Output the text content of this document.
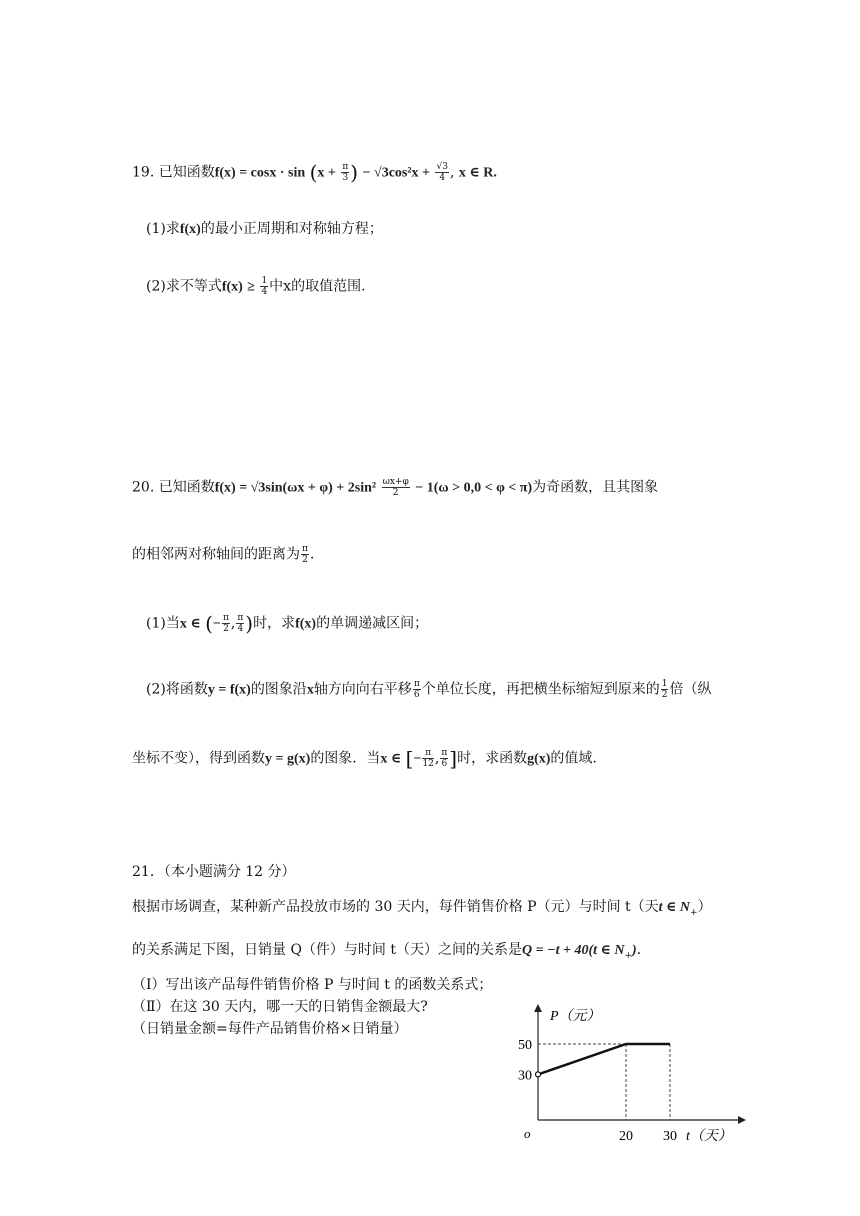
19. 已知函数$f(x) = \cos x \cdot \sin (x + \frac{\pi}{3}$ ) − $√3\cos^2x + \frac{√3}{4}$ , x ∈ R.
(1)求f(x)的最小正周期和对称轴方程；
(2)求不等式$f(x) \ge \frac{1}{4}$ 中x的取值范围.
20. 已知函数$f(x) = √3\sin(\omega x + \varphi) + 2\sin^2 \frac{\omega x+\varphi}{2} - 1(\omega > 0,0 < \varphi < \pi)$为奇函数，且其图象
的相邻两对称轴间的距离为 $\frac{\pi}{2}$ .
(1)当x ∈ (− $\frac{\pi}{2}$ , $\frac{\pi}{4}$ )时，求f(x)的单调递减区间；
(2)将函数y = f(x)的图象沿x轴方向向右平移 $\frac{\pi}{6}$ 个单位长度，再把横坐标缩短到原来的 $\frac{1}{2}$ 倍（纵
坐标不变），得到函数y = g(x)的图象．当x ∈ [− $\frac{\pi}{12}$ , $\frac{\pi}{6}$ ]时，求函数g(x)的值域.
21．（本小题满分 12 分）
根据市场调查，某种新产品投放市场的 30 天内，每件销售价格 P（元）与时间 t（天t ∈ $N_+$）
的关系满足下图，日销量 Q（件）与时间 t（天）之间的关系是Q = −t + 40(t ∈ $N_+$).
（Ⅰ）写出该产品每件销售价格 P 与时间 t 的函数关系式；
（Ⅱ）在这 30 天内，哪一天的日销售金额最大?
（日销量金额=每件产品销售价格×日销量）
50
30
20 30
o	t（天）
P（元）
